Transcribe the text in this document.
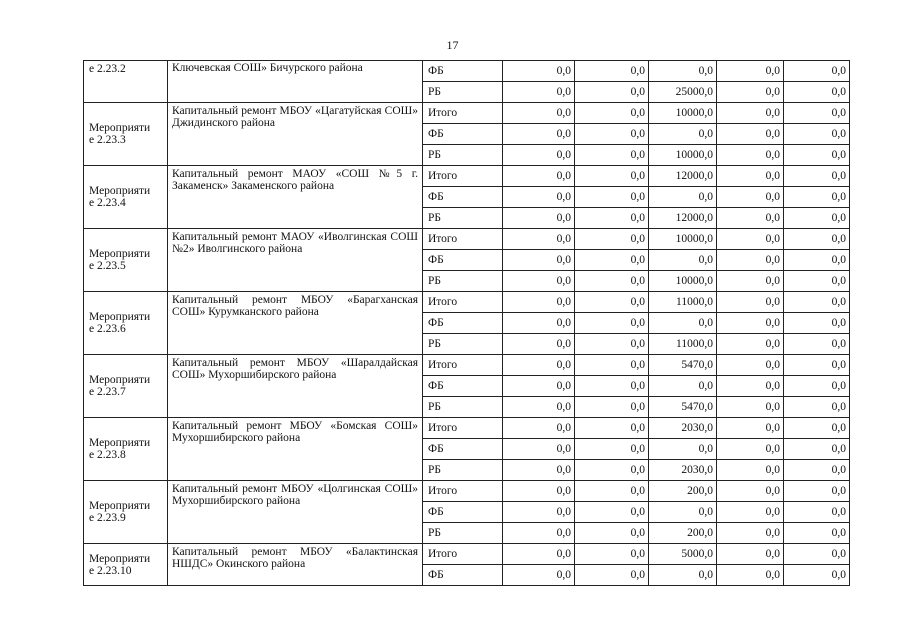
17
е 2.23.2	Ключевская СОШ» Бичурского района	ФБ	0,0	0,0	0,0	0,0	0,0
		РБ	0,0	0,0	25000,0	0,0	0,0
Мероприяти
е 2.23.3	Капитальный ремонт МБОУ «Цагатуйская СОШ» Джидинского района	Итого	0,0	0,0	10000,0	0,0	0,0
		ФБ	0,0	0,0	0,0	0,0	0,0
		РБ	0,0	0,0	10000,0	0,0	0,0
Мероприяти
е 2.23.4	Капитальный ремонт МАОУ «СОШ №5 г. Закаменск» Закаменского района	Итого	0,0	0,0	12000,0	0,0	0,0
		ФБ	0,0	0,0	0,0	0,0	0,0
		РБ	0,0	0,0	12000,0	0,0	0,0
Мероприяти
е 2.23.5	Капитальный ремонт МАОУ «Иволгинская СОШ №2» Иволгинского района	Итого	0,0	0,0	10000,0	0,0	0,0
		ФБ	0,0	0,0	0,0	0,0	0,0
		РБ	0,0	0,0	10000,0	0,0	0,0
Мероприяти
е 2.23.6	Капитальный ремонт МБОУ «Барагханская СОШ» Курумканского района	Итого	0,0	0,0	11000,0	0,0	0,0
		ФБ	0,0	0,0	0,0	0,0	0,0
		РБ	0,0	0,0	11000,0	0,0	0,0
Мероприяти
е 2.23.7	Капитальный ремонт МБОУ «Шаралдайская СОШ» Мухоршибирского района	Итого	0,0	0,0	5470,0	0,0	0,0
		ФБ	0,0	0,0	0,0	0,0	0,0
		РБ	0,0	0,0	5470,0	0,0	0,0
Мероприяти
е 2.23.8	Капитальный ремонт МБОУ «Бомская СОШ» Мухоршибирского района	Итого	0,0	0,0	2030,0	0,0	0,0
		ФБ	0,0	0,0	0,0	0,0	0,0
		РБ	0,0	0,0	2030,0	0,0	0,0
Мероприяти
е 2.23.9	Капитальный ремонт МБОУ «Цолгинская СОШ» Мухоршибирского района	Итого	0,0	0,0	200,0	0,0	0,0
		ФБ	0,0	0,0	0,0	0,0	0,0
		РБ	0,0	0,0	200,0	0,0	0,0
Мероприяти
е 2.23.10	Капитальный ремонт МБОУ «Балактинская НШДС» Окинского района	Итого	0,0	0,0	5000,0	0,0	0,0
		ФБ	0,0	0,0	0,0	0,0	0,0
